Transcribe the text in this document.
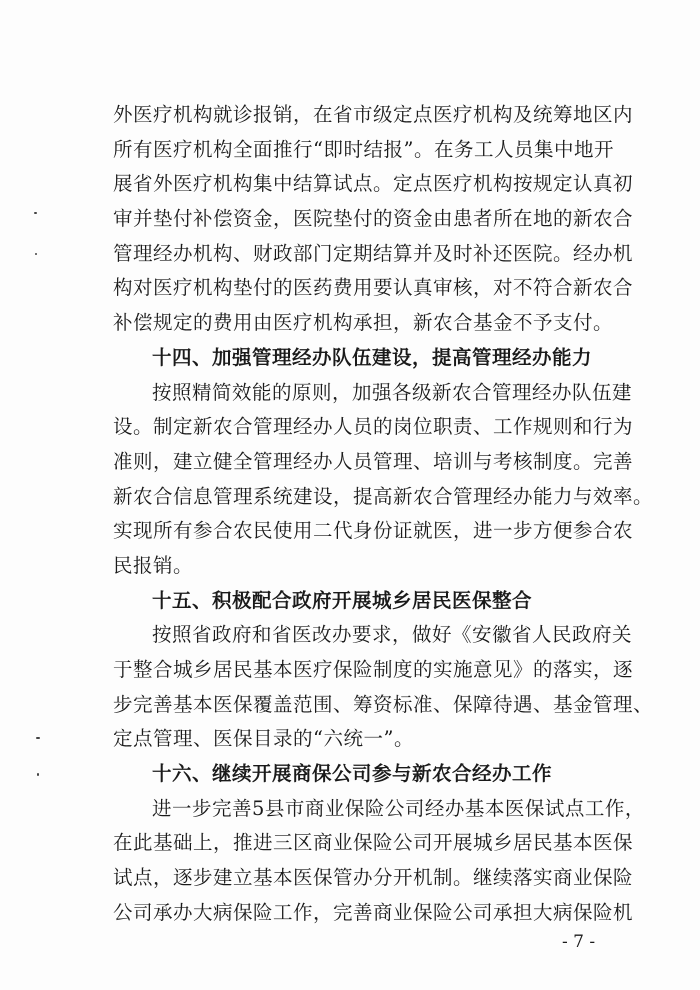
外医疗机构就诊报销，在省市级定点医疗机构及统筹地区内
所有医疗机构全面推行“即时结报”。在务工人员集中地开
展省外医疗机构集中结算试点。定点医疗机构按规定认真初
审并垫付补偿资金，医院垫付的资金由患者所在地的新农合
管理经办机构、财政部门定期结算并及时补还医院。经办机
构对医疗机构垫付的医药费用要认真审核，对不符合新农合
补偿规定的费用由医疗机构承担，新农合基金不予支付。
十四、加强管理经办队伍建设，提高管理经办能力
按照精简效能的原则，加强各级新农合管理经办队伍建
设。制定新农合管理经办人员的岗位职责、工作规则和行为
准则，建立健全管理经办人员管理、培训与考核制度。完善
新农合信息管理系统建设，提高新农合管理经办能力与效率。
实现所有参合农民使用二代身份证就医，进一步方便参合农
民报销。
十五、积极配合政府开展城乡居民医保整合
按照省政府和省医改办要求，做好《安徽省人民政府关
于整合城乡居民基本医疗保险制度的实施意见》的落实，逐
步完善基本医保覆盖范围、筹资标准、保障待遇、基金管理、
定点管理、医保目录的“六统一”。
十六、继续开展商保公司参与新农合经办工作
进一步完善5县市商业保险公司经办基本医保试点工作，
在此基础上，推进三区商业保险公司开展城乡居民基本医保
试点，逐步建立基本医保管办分开机制。继续落实商业保险
公司承办大病保险工作，完善商业保险公司承担大病保险机
- 7 -
